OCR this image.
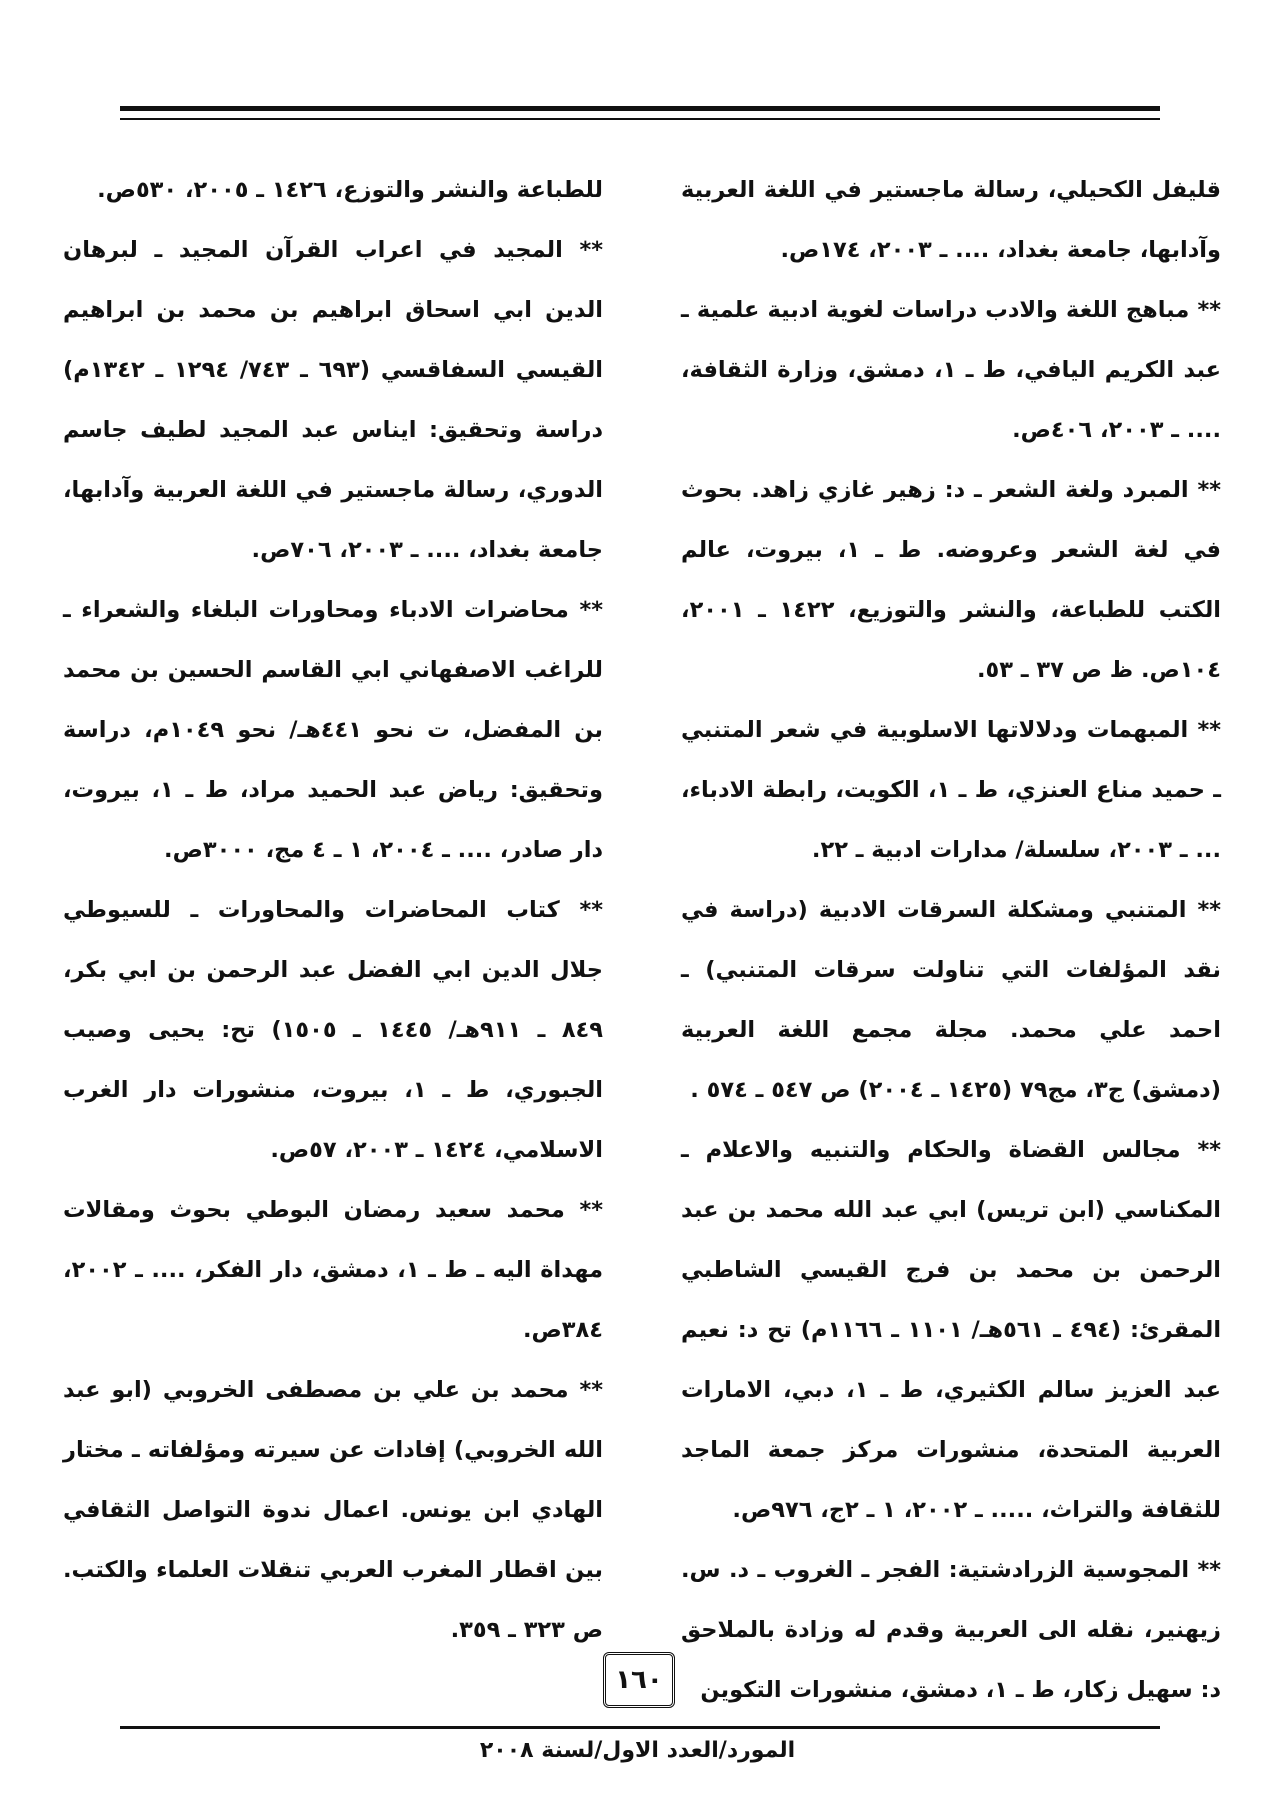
قليفل الكحيلي، رسالة ماجستير في اللغة العربية وآدابها، جامعة بغداد، .... ـ ٢٠٠٣، ١٧٤ص.

** مباهج اللغة والادب دراسات لغوية ادبية علمية ـ عبد الكريم اليافي، ط ـ ١، دمشق، وزارة الثقافة، .... ـ ٢٠٠٣، ٤٠٦ص.

** المبرد ولغة الشعر ـ د: زهير غازي زاهد. بحوث في لغة الشعر وعروضه. ط ـ ١، بيروت، عالم الكتب للطباعة، والنشر والتوزيع، ١٤٢٢ ـ ٢٠٠١، ١٠٤ص. ظ ص ٣٧ ـ ٥٣.

** المبهمات ودلالاتها الاسلوبية في شعر المتنبي ـ حميد مناع العنزي، ط ـ ١، الكويت، رابطة الادباء، ... ـ ٢٠٠٣، سلسلة/ مدارات ادبية ـ ٢٢.

** المتنبي ومشكلة السرقات الادبية (دراسة في نقد المؤلفات التي تناولت سرقات المتنبي) ـ احمد علي محمد. مجلة مجمع اللغة العربية (دمشق) ج٣، مج٧٩ (١٤٢٥ ـ ٢٠٠٤) ص ٥٤٧ ـ ٥٧٤ .

** مجالس القضاة والحكام والتنبيه والاعلام ـ المكناسي (ابن تريس) ابي عبد الله محمد بن عبد الرحمن بن محمد بن فرج القيسي الشاطبي المقرئ: (٤٩٤ ـ ٥٦١هـ/ ١١٠١ ـ ١١٦٦م) تح د: نعيم عبد العزيز سالم الكثيري، ط ـ ١، دبي، الامارات العربية المتحدة، منشورات مركز جمعة الماجد للثقافة والتراث، ..... ـ ٢٠٠٢، ١ ـ ٢ج، ٩٧٦ص.

** المجوسية الزرادشتية: الفجر ـ الغروب ـ د. س. زيهنير، نقله الى العربية وقدم له وزادة بالملاحق د: سهيل زكار، ط ـ ١، دمشق، منشورات التكوين

للطباعة والنشر والتوزع، ١٤٢٦ ـ ٢٠٠٥، ٥٣٠ص.

** المجيد في اعراب القرآن المجيد ـ لبرهان الدين ابي اسحاق ابراهيم بن محمد بن ابراهيم القيسي السفاقسي (٦٩٣ ـ ٧٤٣/ ١٢٩٤ ـ ١٣٤٢م) دراسة وتحقيق: ايناس عبد المجيد لطيف جاسم الدوري، رسالة ماجستير في اللغة العربية وآدابها، جامعة بغداد، .... ـ ٢٠٠٣، ٧٠٦ص.

** محاضرات الادباء ومحاورات البلغاء والشعراء ـ للراغب الاصفهاني ابي القاسم الحسين بن محمد بن المفضل، ت نحو ٤٤١هـ/ نحو ١٠٤٩م، دراسة وتحقيق: رياض عبد الحميد مراد، ط ـ ١، بيروت، دار صادر، .... ـ ٢٠٠٤، ١ ـ ٤ مج، ٣٠٠٠ص.

** كتاب المحاضرات والمحاورات ـ للسيوطي جلال الدين ابي الفضل عبد الرحمن بن ابي بكر، ٨٤٩ ـ ٩١١هـ/ ١٤٤٥ ـ ١٥٠٥) تح: يحيى وصيب الجبوري، ط ـ ١، بيروت، منشورات دار الغرب الاسلامي، ١٤٢٤ ـ ٢٠٠٣، ٥٧ص.

** محمد سعيد رمضان البوطي بحوث ومقالات مهداة اليه ـ ط ـ ١، دمشق، دار الفكر، .... ـ ٢٠٠٢، ٣٨٤ص.

** محمد بن علي بن مصطفى الخروبي (ابو عبد الله الخروبي) إفادات عن سيرته ومؤلفاته ـ مختار الهادي ابن يونس. اعمال ندوة التواصل الثقافي بين اقطار المغرب العربي تنقلات العلماء والكتب. ص ٣٢٣ ـ ٣٥٩.

١٦٠
المورد/العدد الاول/لسنة ٢٠٠٨
